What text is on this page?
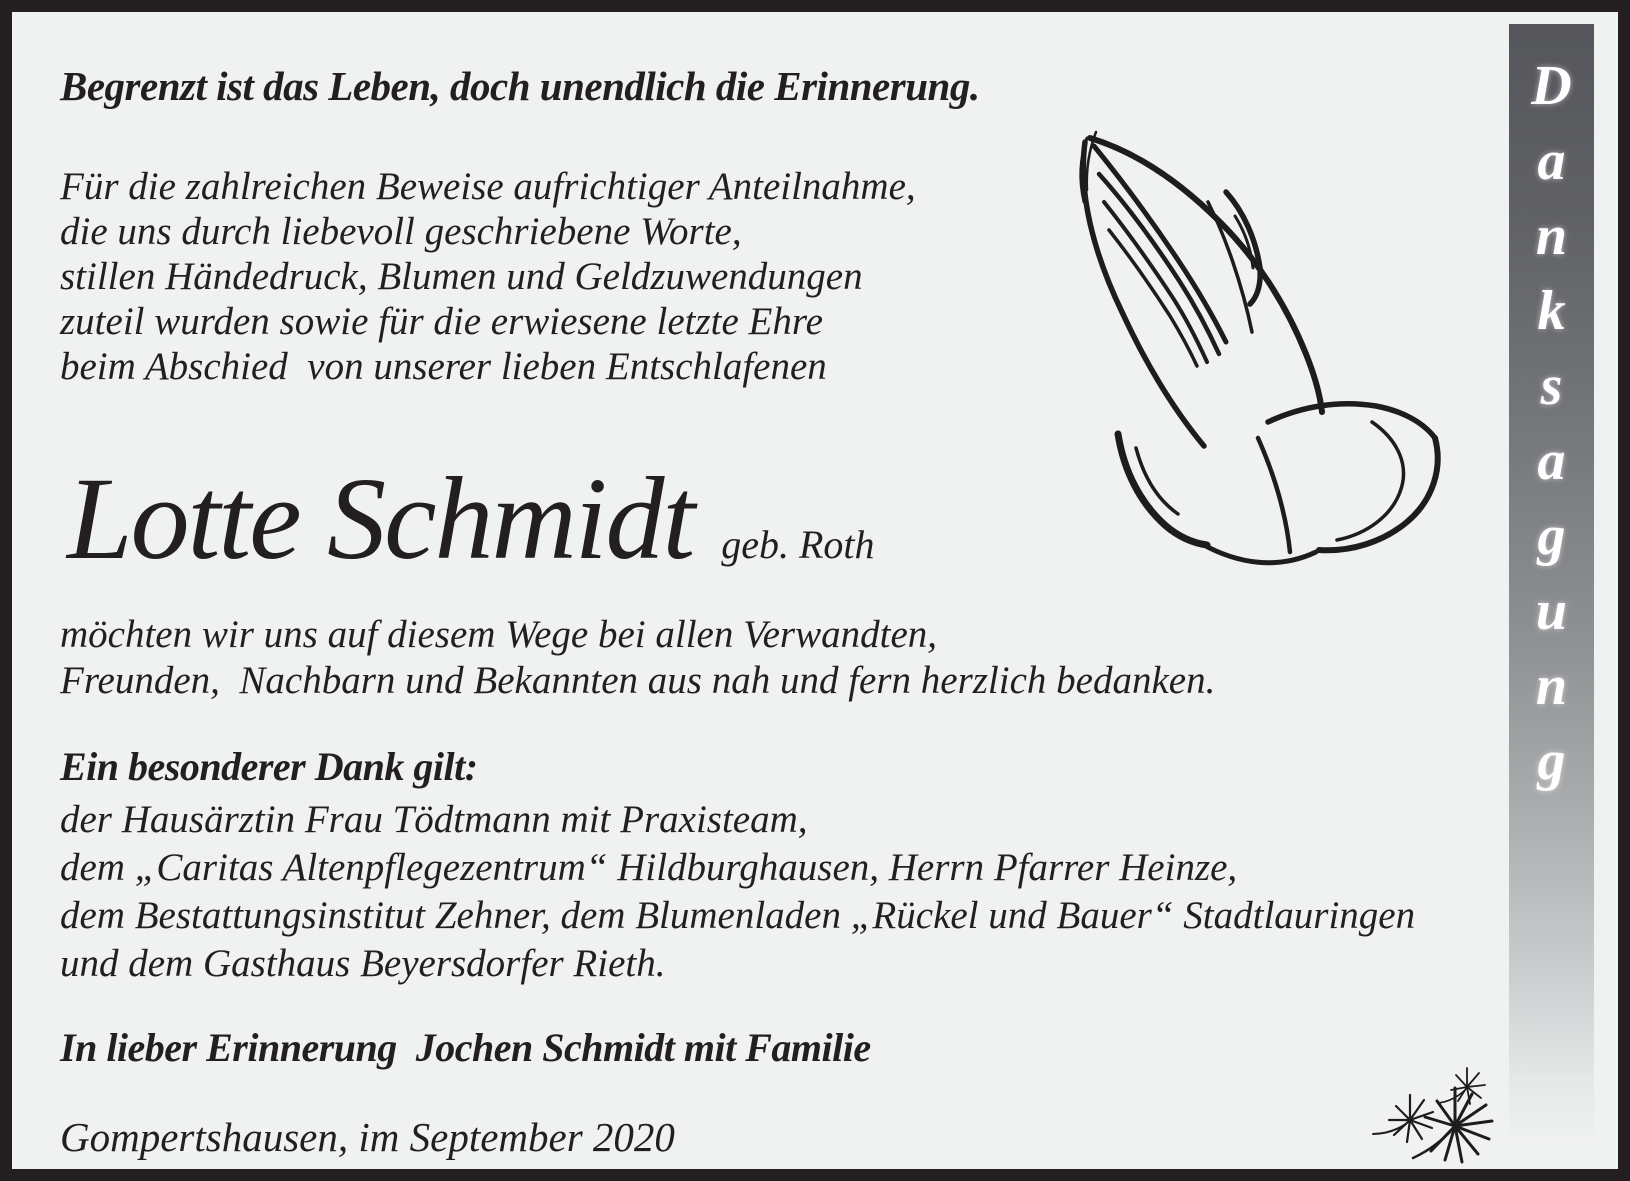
Begrenzt ist das Leben, doch unendlich die Erinnerung.
Für die zahlreichen Beweise aufrichtiger Anteilnahme,
die uns durch liebevoll geschriebene Worte,
stillen Händedruck, Blumen und Geldzuwendungen
zuteil wurden sowie für die erwiesene letzte Ehre
beim Abschied  von unserer lieben Entschlafenen
Lotte Schmidt geb. Roth
möchten wir uns auf diesem Wege bei allen Verwandten,
Freunden,  Nachbarn und Bekannten aus nah und fern herzlich bedanken.
Ein besonderer Dank gilt:
der Hausärztin Frau Tödtmann mit Praxisteam,
dem „Caritas Altenpflegezentrum“ Hildburghausen, Herrn Pfarrer Heinze,
dem Bestattungsinstitut Zehner, dem Blumenladen „Rückel und Bauer“ Stadtlauringen
und dem Gasthaus Beyersdorfer Rieth.
In lieber Erinnerung  Jochen Schmidt mit Familie
Gompertshausen, im September 2020
D
a
n
k
s
a
g
u
n
g
